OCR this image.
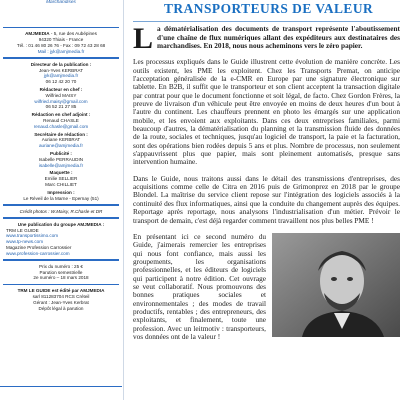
Marchandises
AMJMEDIA - 5, rue des Aubépines
94320 Thiais - France
Tél. : 01 46 80 26 76 - Fax : 09 72 43 28 68
Mail : jyk@amjmedia.fr
Directeur de la publication :
Jean-Yves KERBRAT
jyk@amjmedia.fr
06 12 42 20 70
Rédacteur en chef :
Wilfried MAISY
wilfried.maisy@gmail.com
06 52 21 27 85
Rédaction en chef adjoint :
Renaud CHASLE
renaud.chasle@gmail.com
Secrétaire de rédaction :
Auriane KERBRAT
auriane@amjmedia.fr
Publicité :
Isabelle PERRAUDIN
isabelle@amjmedia.fr
Maquette :
Emilie SELLIER
Marc CHILLIET
Impression :
Le Réveil de la Marne - Epernay (51)
Crédit photos : W.Maisy, R.Chasle et DR
Une publication du groupe AMJMEDIA :
TRM LE GUIDE
www.transportissimo.com
www.tp-news.com
Magazine Profession Carrossier
www.profession-carrossier.com
Prix du numéro : 25 €
Parution semestrielle
2e numéro – 18 mars 2018
TRM LE GUIDE est édité par AMJMEDIA
sarl 811283704 RCS Créteil
Gérant : Jean-Yves Kerbrat
Dépôt légal à parution
TRANSPORTEURS DE VALEUR

La dématérialisation des documents de transport représente l'aboutissement d'une chaîne de flux numériques allant des expéditeurs aux destinataires des marchandises. En 2018, nous nous acheminons vers le zéro papier.

Les processus expliqués dans le Guide illustrent cette évolution de manière concrète. Les outils existent, les PME les exploitent. Chez les Transports Premat, on anticipe l'acceptation généralisée de la e-CMR en Europe par une signature électronique sur tablette. En B2B, il suffit que le transporteur et son client acceptent la transaction digitale par contrat pour que le document fonctionne et soit légal, de facto. Chez Gordon Frères, la preuve de livraison d'un véhicule peut être envoyée en moins de deux heures d'un bout à l'autre du continent. Les chauffeurs prennent en photo les émargés sur une application mobile, et les envoient aux exploitants. Dans ces deux entreprises familiales, parmi beaucoup d'autres, la dématérialisation du planning et la transmission fluide des données de la route, sociales et techniques, jusqu'au logiciel de transport, la paie et la facturation, sont des opérations bien rodées depuis 5 ans et plus. Nombre de processus, non seulement s'appauvrissent plus que papier, mais sont pleinement automatisés, presque sans intervention humaine.

Dans le Guide, nous traitons aussi dans le détail des transmissions d'entreprises, des acquisitions comme celle de Citra en 2016 puis de Grimonprez en 2018 par le groupe Blondel. La maîtrise du service client repose sur l'intégration des logiciels associés à la continuité des flux informatiques, ainsi que la conduite du changement auprès des équipes. Reportage après reportage, nous analysons l'industrialisation d'un métier. Prévoir le transport de demain, c'est déjà regarder comment travaillent nos plus belles PME !

En présentant ici ce second numéro du Guide, j'aimerais remercier les entreprises qui nous font confiance, mais aussi les groupements, les organisations professionnelles, et les éditeurs de logiciels qui participent à notre édition. Cet ouvrage se veut collaboratif. Nous promouvons des bonnes pratiques sociales et environnementales ; des modes de travail productifs, rentables ; des entrepreneurs, des exploitants, et finalement, toute une profession. Avec un leitmotiv : transporteurs, vos données ont de la valeur !
